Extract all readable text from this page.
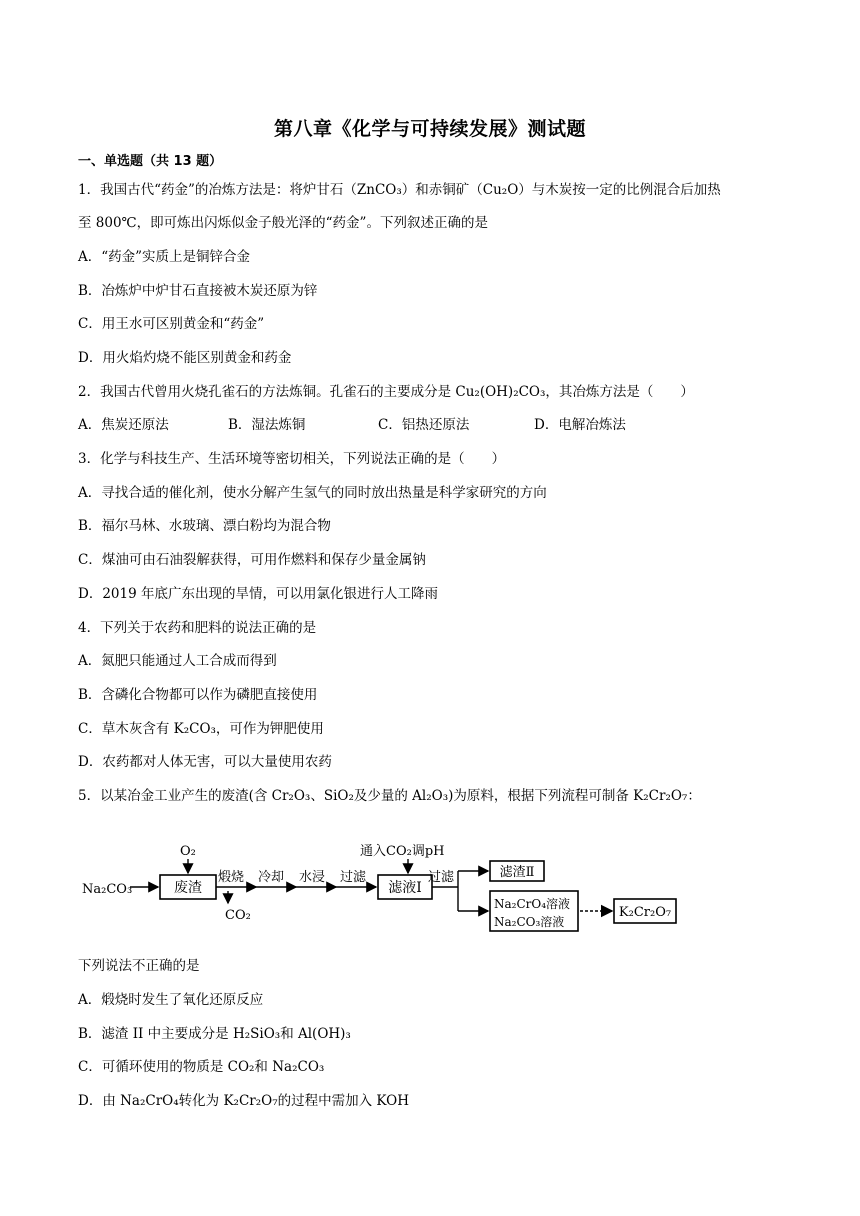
第八章《化学与可持续发展》测试题
一、单选题（共 13 题）
1．我国古代“药金”的冶炼方法是：将炉甘石（ZnCO₃）和赤铜矿（Cu₂O）与木炭按一定的比例混合后加热
至 800℃，即可炼出闪烁似金子般光泽的“药金”。下列叙述正确的是
A．“药金”实质上是铜锌合金
B．冶炼炉中炉甘石直接被木炭还原为锌
C．用王水可区别黄金和“药金”
D．用火焰灼烧不能区别黄金和药金
2．我国古代曾用火烧孔雀石的方法炼铜。孔雀石的主要成分是 Cu₂(OH)₂CO₃，其冶炼方法是（　　）
A．焦炭还原法	B．湿法炼铜	C．铝热还原法	D．电解冶炼法
3．化学与科技生产、生活环境等密切相关，下列说法正确的是（　　）
A．寻找合适的催化剂，使水分解产生氢气的同时放出热量是科学家研究的方向
B．福尔马林、水玻璃、漂白粉均为混合物
C．煤油可由石油裂解获得，可用作燃料和保存少量金属钠
D．2019 年底广东出现的旱情，可以用氯化银进行人工降雨
4．下列关于农药和肥料的说法正确的是
A．氮肥只能通过人工合成而得到
B．含磷化合物都可以作为磷肥直接使用
C．草木灰含有 K₂CO₃，可作为钾肥使用
D．农药都对人体无害，可以大量使用农药
5．以某冶金工业产生的废渣(含 Cr₂O₃、SiO₂及少量的 Al₂O₃)为原料，根据下列流程可制备 K₂Cr₂O₇：
Na₂CO₃
O₂
废渣
煅烧
CO₂
冷却 水浸 过滤
通入CO₂调pH
滤液Ⅰ
过滤	滤渣Ⅱ
Na₂CrO₄溶液
Na₂CO₃溶液
K₂Cr₂O₇
下列说法不正确的是
A．煅烧时发生了氧化还原反应
B．滤渣 II 中主要成分是 H₂SiO₃和 Al(OH)₃
C．可循环使用的物质是 CO₂和 Na₂CO₃
D．由 Na₂CrO₄转化为 K₂Cr₂O₇的过程中需加入 KOH
